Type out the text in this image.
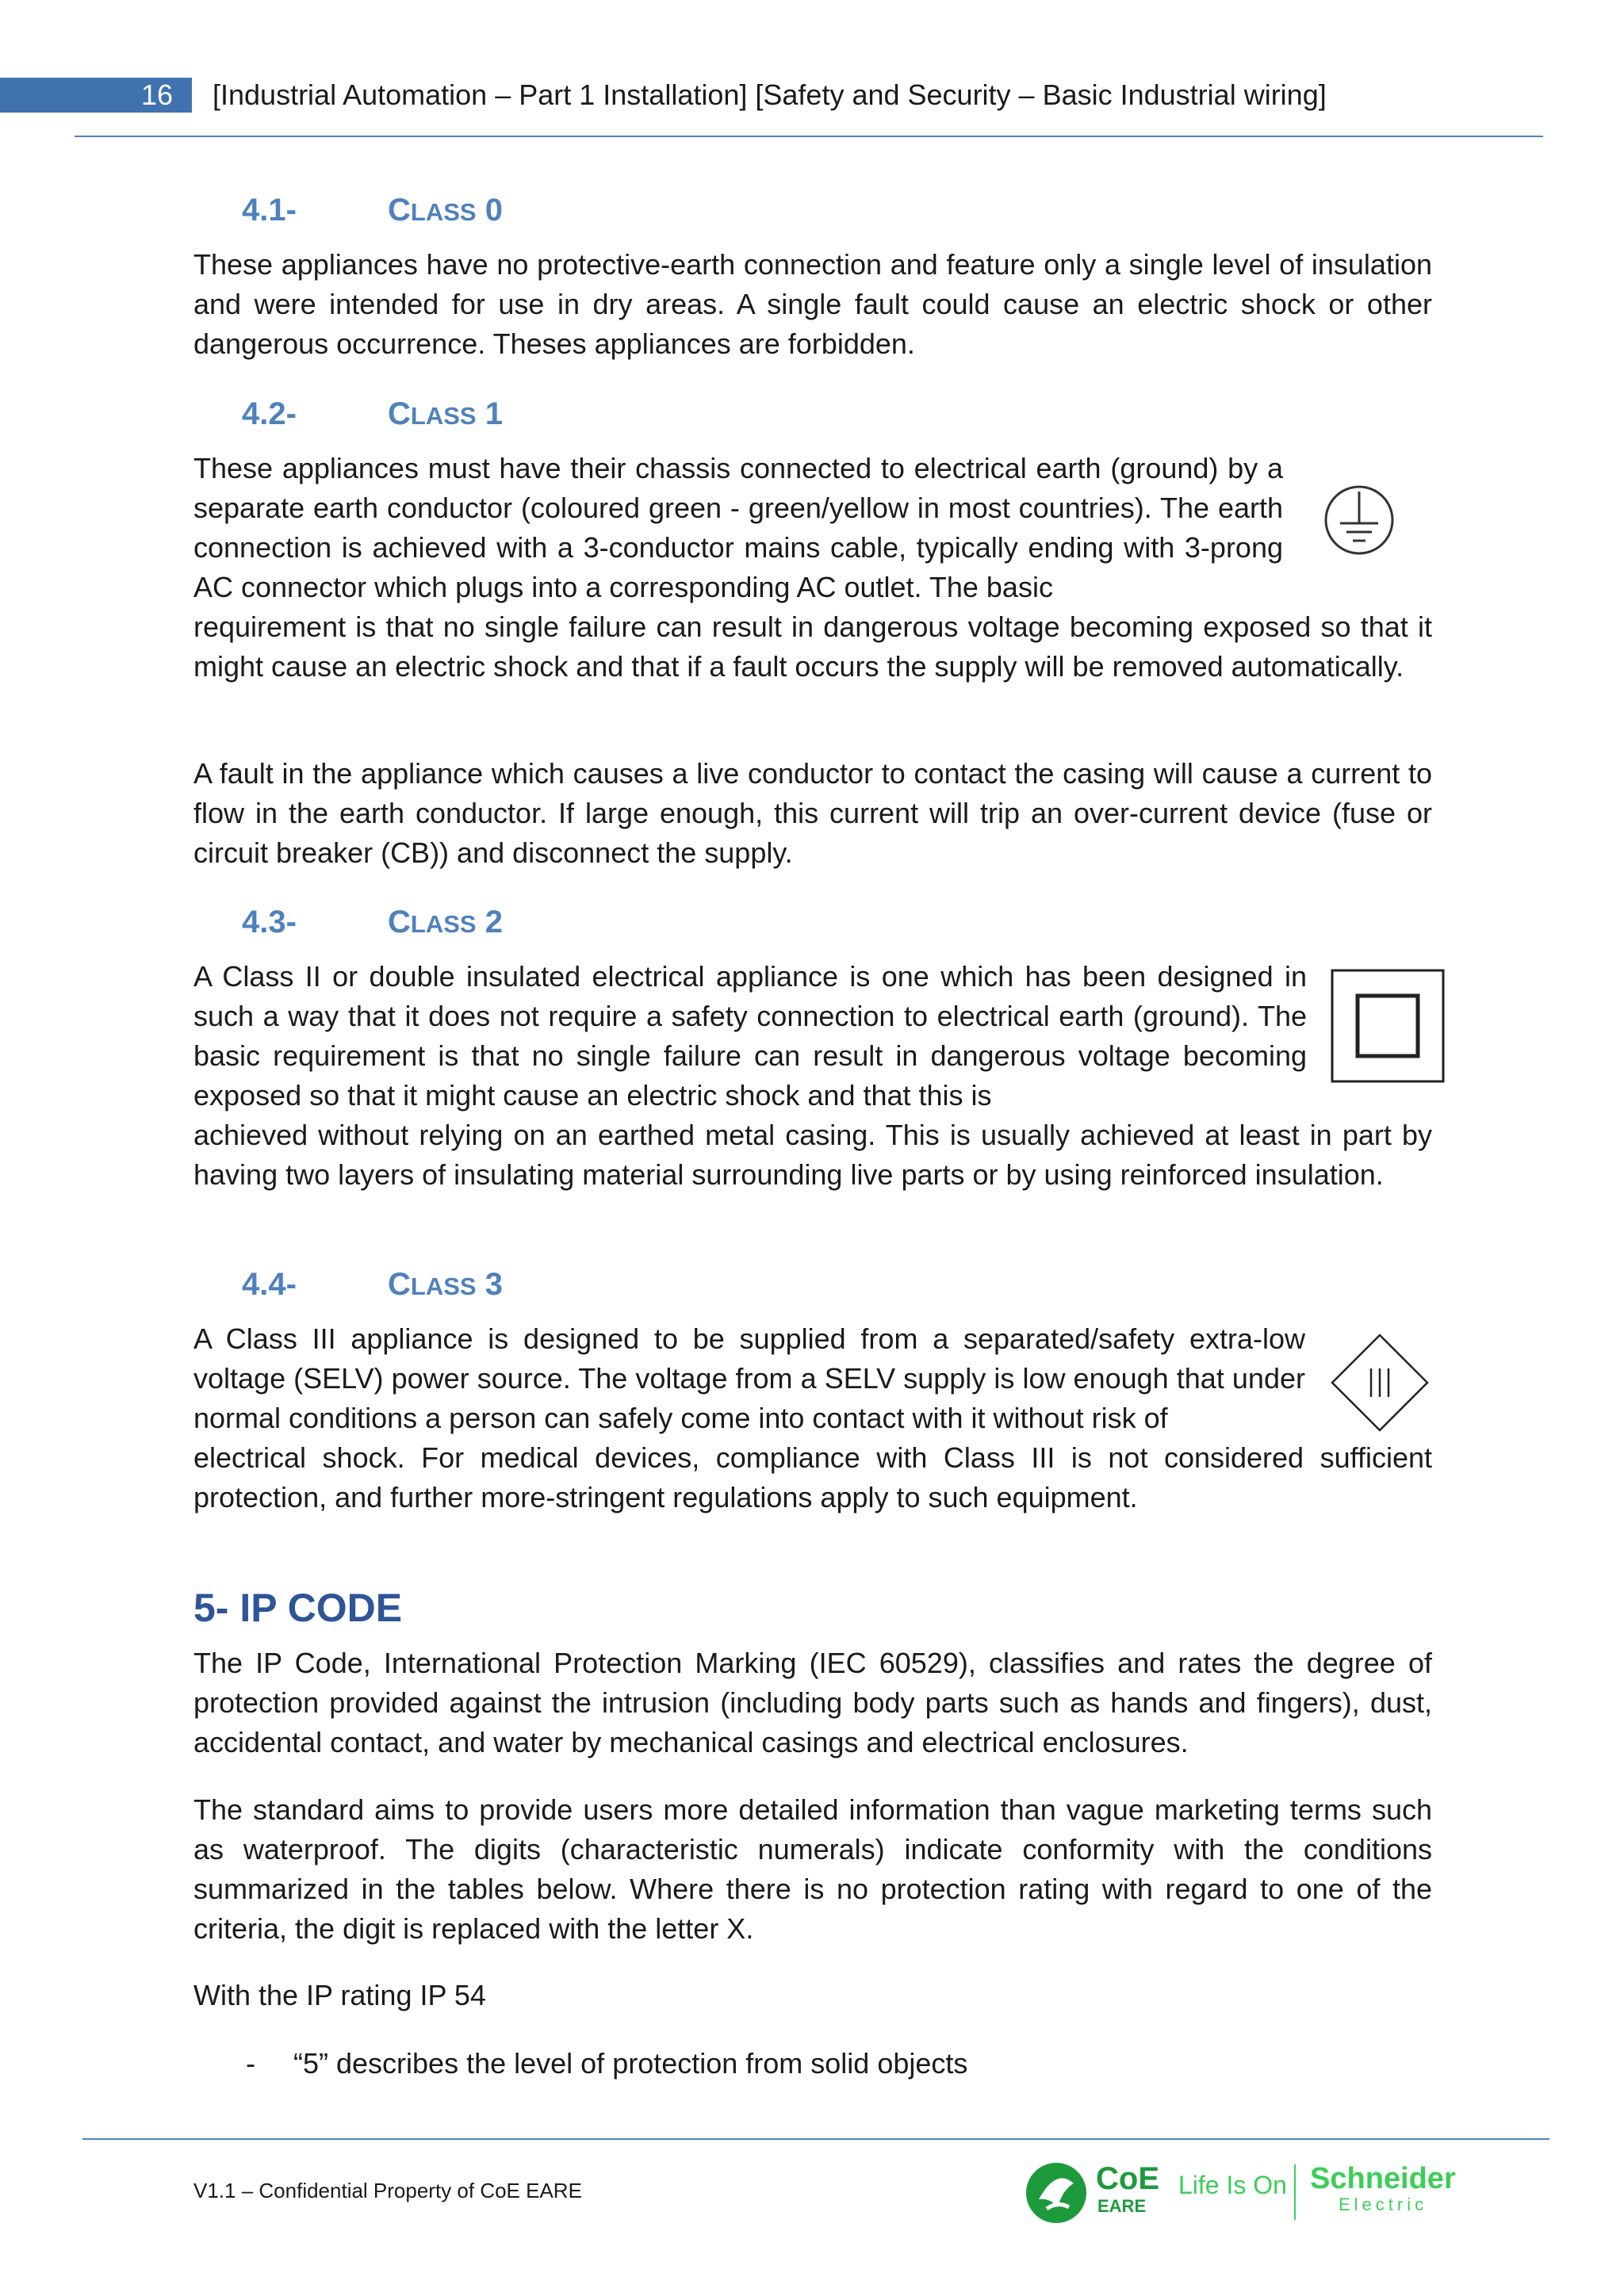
16	[Industrial Automation – Part 1 Installation] [Safety and Security – Basic Industrial wiring]
4.1-	CLASS 0

These appliances have no protective-earth connection and feature only a single level of insulation and were intended for use in dry areas. A single fault could cause an electric shock or other dangerous occurrence. Theses appliances are forbidden.

4.2-	CLASS 1

These appliances must have their chassis connected to electrical earth (ground) by a separate earth conductor (coloured green - green/yellow in most countries). The earth connection is achieved with a 3-conductor mains cable, typically ending with 3-prong AC connector which plugs into a corresponding AC outlet. The basic

requirement is that no single failure can result in dangerous voltage becoming exposed so that it might cause an electric shock and that if a fault occurs the supply will be removed automatically.

A fault in the appliance which causes a live conductor to contact the casing will cause a current to flow in the earth conductor. If large enough, this current will trip an over-current device (fuse or circuit breaker (CB)) and disconnect the supply.

4.3-	CLASS 2

A Class II or double insulated electrical appliance is one which has been designed in such a way that it does not require a safety connection to electrical earth (ground). The basic requirement is that no single failure can result in dangerous voltage becoming exposed so that it might cause an electric shock and that this is

achieved without relying on an earthed metal casing. This is usually achieved at least in part by having two layers of insulating material surrounding live parts or by using reinforced insulation.

4.4-	CLASS 3

A Class III appliance is designed to be supplied from a separated/safety extra-low voltage (SELV) power source. The voltage from a SELV supply is low enough that under normal conditions a person can safely come into contact with it without risk of

electrical shock. For medical devices, compliance with Class III is not considered sufficient protection, and further more-stringent regulations apply to such equipment.

5- IP CODE

The IP Code, International Protection Marking (IEC 60529), classifies and rates the degree of protection provided against the intrusion (including body parts such as hands and fingers), dust, accidental contact, and water by mechanical casings and electrical enclosures.

The standard aims to provide users more detailed information than vague marketing terms such as waterproof. The digits (characteristic numerals) indicate conformity with the conditions summarized in the tables below. Where there is no protection rating with regard to one of the criteria, the digit is replaced with the letter X.

With the IP rating IP 54

- “5” describes the level of protection from solid objects
V1.1 – Confidential Property of CoE EARE	CoE
EARE
Life Is On Schneider
Electric
